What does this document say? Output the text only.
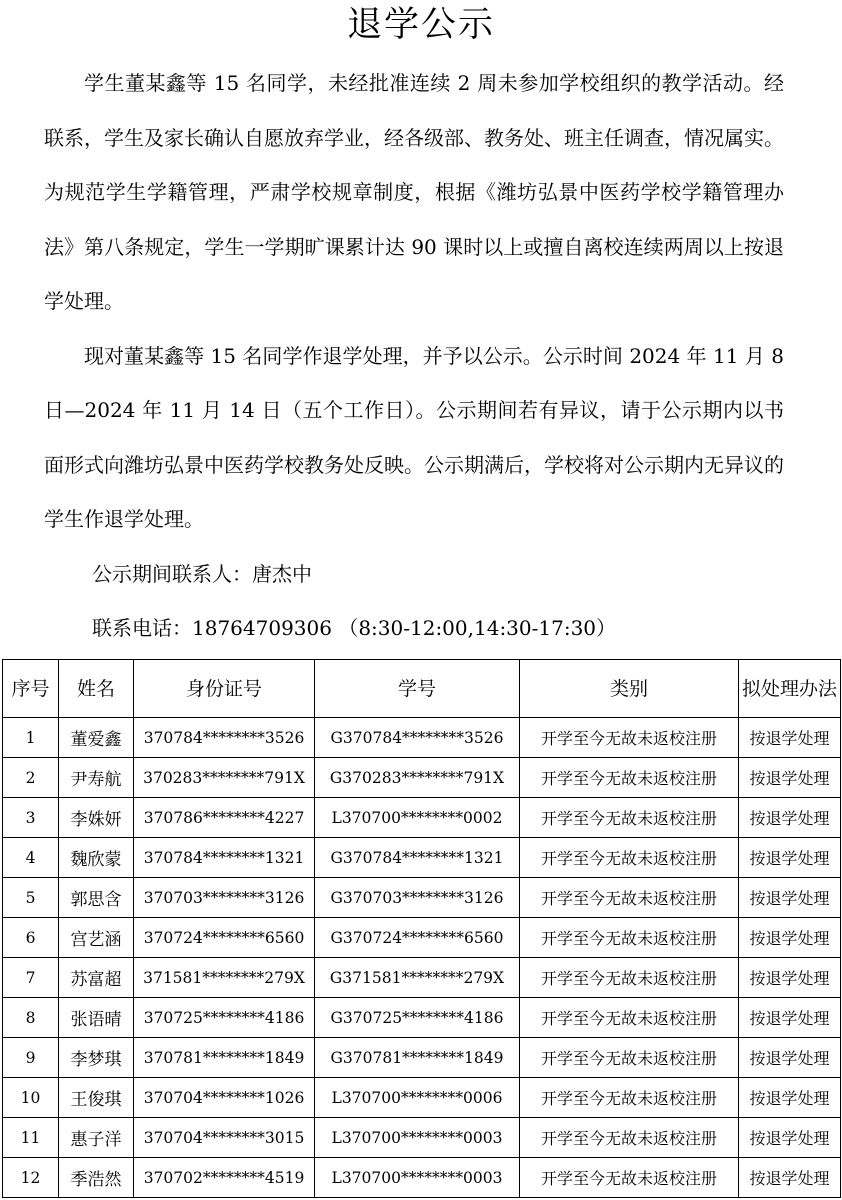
退学公示

学生董某鑫等 15 名同学，未经批准连续 2 周未参加学校组织的教学活动。经联系，学生及家长确认自愿放弃学业，经各级部、教务处、班主任调查，情况属实。为规范学生学籍管理，严肃学校规章制度，根据《潍坊弘景中医药学校学籍管理办法》第八条规定，学生一学期旷课累计达 90 课时以上或擅自离校连续两周以上按退学处理。

现对董某鑫等 15 名同学作退学处理，并予以公示。公示时间 2024 年 11 月 8 日—2024 年 11 月 14 日（五个工作日）。公示期间若有异议，请于公示期内以书面形式向潍坊弘景中医药学校教务处反映。公示期满后，学校将对公示期内无异议的学生作退学处理。

公示期间联系人：唐杰中

联系电话：18764709306 （8:30-12:00,14:30-17:30）

序号	姓名	身份证号	学号	类别	拟处理办法
1	董爱鑫	370784********3526	G370784********3526	开学至今无故未返校注册	按退学处理
2	尹寿航	370283********791X	G370283********791X	开学至今无故未返校注册	按退学处理
3	李姝妍	370786********4227	L370700********0002	开学至今无故未返校注册	按退学处理
4	魏欣蒙	370784********1321	G370784********1321	开学至今无故未返校注册	按退学处理
5	郭思含	370703********3126	G370703********3126	开学至今无故未返校注册	按退学处理
6	宫艺涵	370724********6560	G370724********6560	开学至今无故未返校注册	按退学处理
7	苏富超	371581********279X	G371581********279X	开学至今无故未返校注册	按退学处理
8	张语晴	370725********4186	G370725********4186	开学至今无故未返校注册	按退学处理
9	李梦琪	370781********1849	G370781********1849	开学至今无故未返校注册	按退学处理
10	王俊琪	370704********1026	L370700********0006	开学至今无故未返校注册	按退学处理
11	惠子洋	370704********3015	L370700********0003	开学至今无故未返校注册	按退学处理
12	季浩然	370702********4519	L370700********0003	开学至今无故未返校注册	按退学处理
